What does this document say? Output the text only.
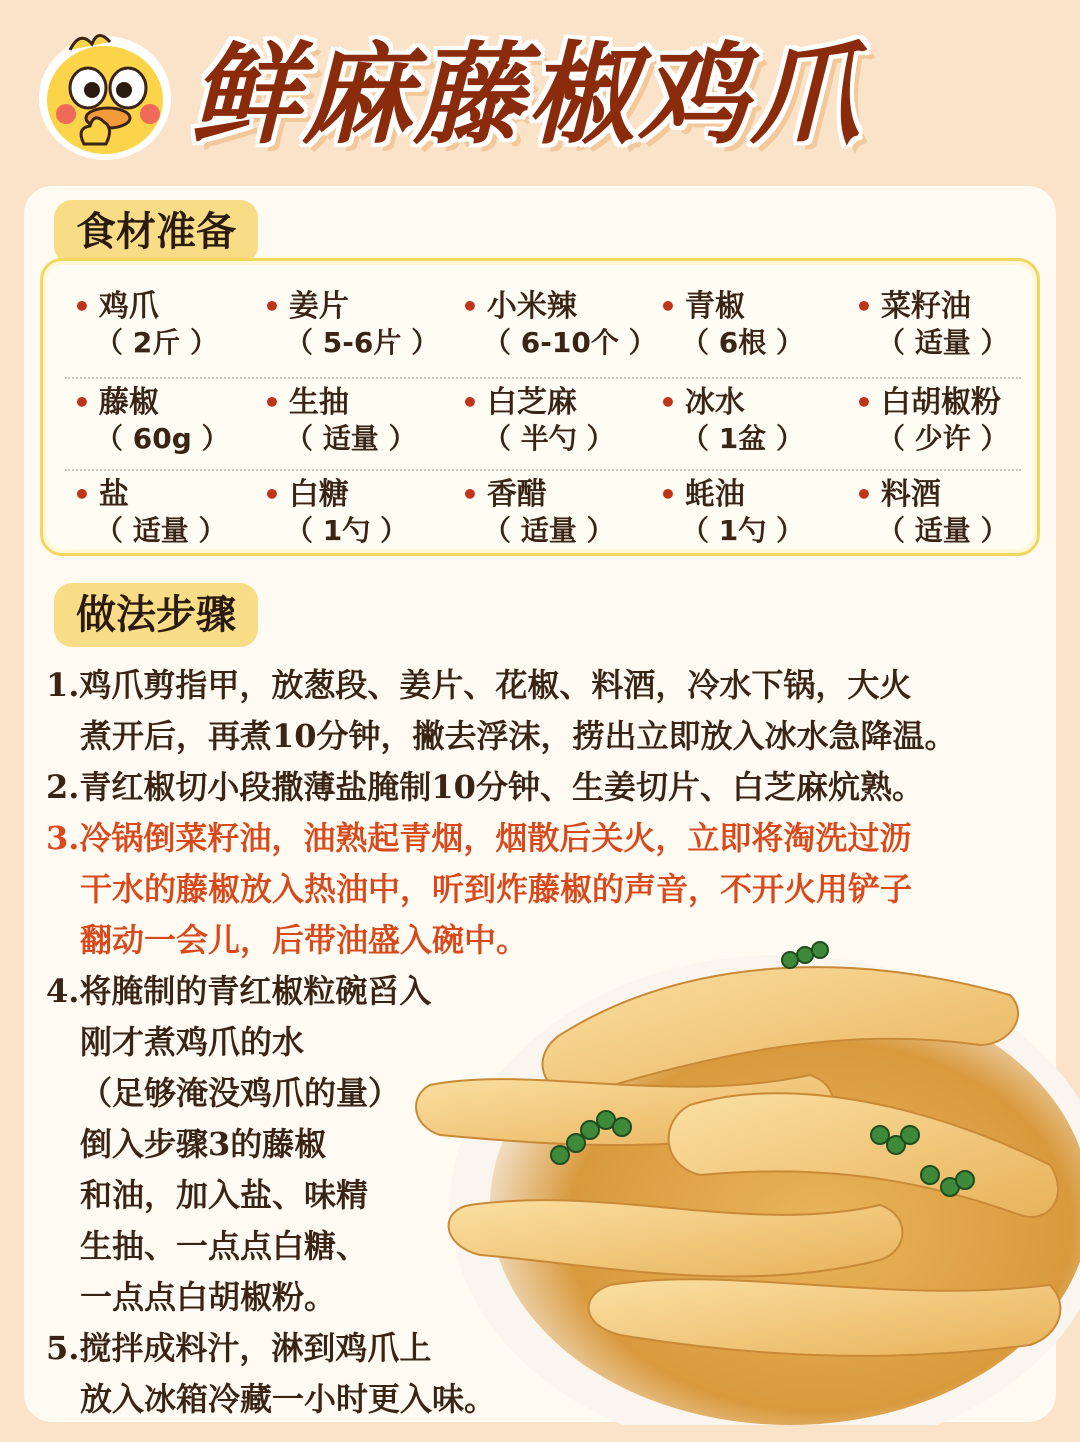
鲜麻藤椒鸡爪
食材准备
• 鸡爪
（ 2斤 ）
• 姜片
（ 5-6片 ）
• 小米辣
（ 6-10个 ）
• 青椒
（ 6根 ）
• 菜籽油
（ 适量 ）
• 藤椒
（ 60g ）
• 生抽
（ 适量 ）
• 白芝麻
（ 半勺 ）
• 冰水
（ 1盆 ）
• 白胡椒粉
（ 少许 ）
• 盐
（ 适量 ）
• 白糖
（ 1勺 ）
• 香醋
（ 适量 ）
• 蚝油
（ 1勺 ）
• 料酒
（ 适量 ）
做法步骤
1.鸡爪剪指甲，放葱段、姜片、花椒、料酒，冷水下锅，大火
煮开后，再煮10分钟，撇去浮沫，捞出立即放入冰水急降温。
2.青红椒切小段撒薄盐腌制10分钟、生姜切片、白芝麻炕熟。
3.冷锅倒菜籽油，油熟起青烟，烟散后关火，立即将淘洗过沥
干水的藤椒放入热油中，听到炸藤椒的声音，不开火用铲子
翻动一会儿，后带油盛入碗中。
4.将腌制的青红椒粒碗舀入
刚才煮鸡爪的水
（足够淹没鸡爪的量）
倒入步骤3的藤椒
和油，加入盐、味精
生抽、一点点白糖、
一点点白胡椒粉。
5.搅拌成料汁，淋到鸡爪上
放入冰箱冷藏一小时更入味。
